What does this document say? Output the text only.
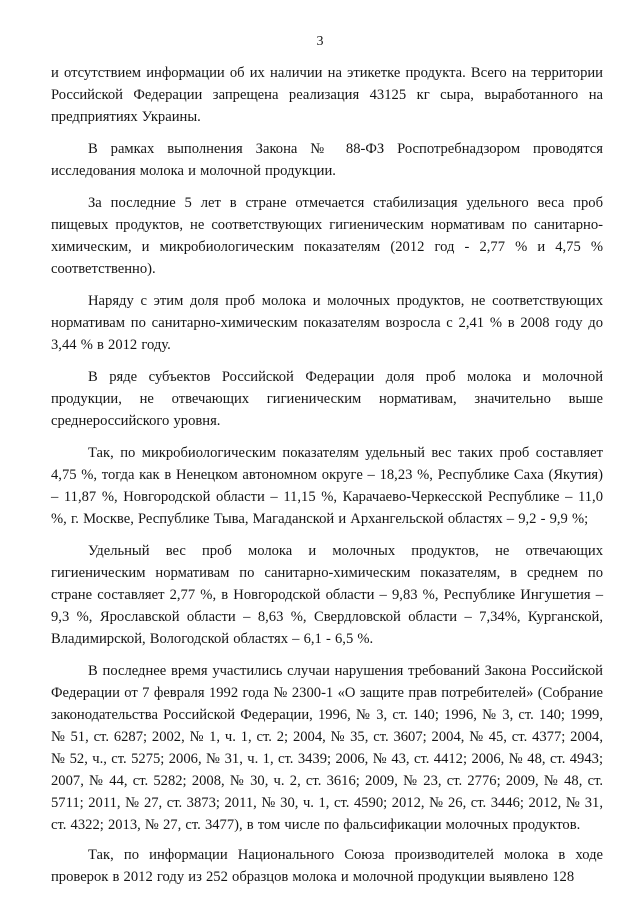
3

и отсутствием информации об их наличии на этикетке продукта. Всего на территории Российской Федерации запрещена реализация 43125 кг сыра, выработанного на предприятиях Украины.

В рамках выполнения Закона № 88-ФЗ Роспотребнадзором проводятся исследования молока и молочной продукции.

За последние 5 лет в стране отмечается стабилизация удельного веса проб пищевых продуктов, не соответствующих гигиеническим нормативам по санитарно-химическим, и микробиологическим показателям (2012 год - 2,77 % и 4,75 % соответственно).

Наряду с этим доля проб молока и молочных продуктов, не соответствующих нормативам по санитарно-химическим показателям возросла с 2,41 % в 2008 году до 3,44 % в 2012 году.

В ряде субъектов Российской Федерации доля проб молока и молочной продукции, не отвечающих гигиеническим нормативам, значительно выше среднероссийского уровня.

Так, по микробиологическим показателям удельный вес таких проб составляет 4,75 %, тогда как в Ненецком автономном округе – 18,23 %, Республике Саха (Якутия) – 11,87 %, Новгородской области – 11,15 %, Карачаево-Черкесской Республике – 11,0 %, г. Москве, Республике Тыва, Магаданской и Архангельской областях – 9,2 - 9,9 %;

Удельный вес проб молока и молочных продуктов, не отвечающих гигиеническим нормативам по санитарно-химическим показателям, в среднем по стране составляет 2,77 %, в Новгородской области – 9,83 %, Республике Ингушетия – 9,3 %, Ярославской области – 8,63 %, Свердловской области – 7,34%, Курганской, Владимирской, Вологодской областях – 6,1 - 6,5 %.

В последнее время участились случаи нарушения требований Закона Российской Федерации от 7 февраля 1992 года № 2300-1 «О защите прав потребителей» (Собрание законодательства Российской Федерации, 1996, № 3, ст. 140; 1996, № 3, ст. 140; 1999, № 51, ст. 6287; 2002, № 1, ч. 1, ст. 2; 2004, № 35, ст. 3607; 2004, № 45, ст. 4377; 2004, № 52, ч., ст. 5275; 2006, № 31, ч. 1, ст. 3439; 2006, № 43, ст. 4412; 2006, № 48, ст. 4943; 2007, № 44, ст. 5282; 2008, № 30, ч. 2, ст. 3616; 2009, № 23, ст. 2776; 2009, № 48, ст. 5711; 2011, № 27, ст. 3873; 2011, № 30, ч. 1, ст. 4590; 2012, № 26, ст. 3446; 2012, № 31, ст. 4322; 2013, № 27, ст. 3477), в том числе по фальсификации молочных продуктов.

Так, по информации Национального Союза производителей молока в ходе проверок в 2012 году из 252 образцов молока и молочной продукции выявлено 128
